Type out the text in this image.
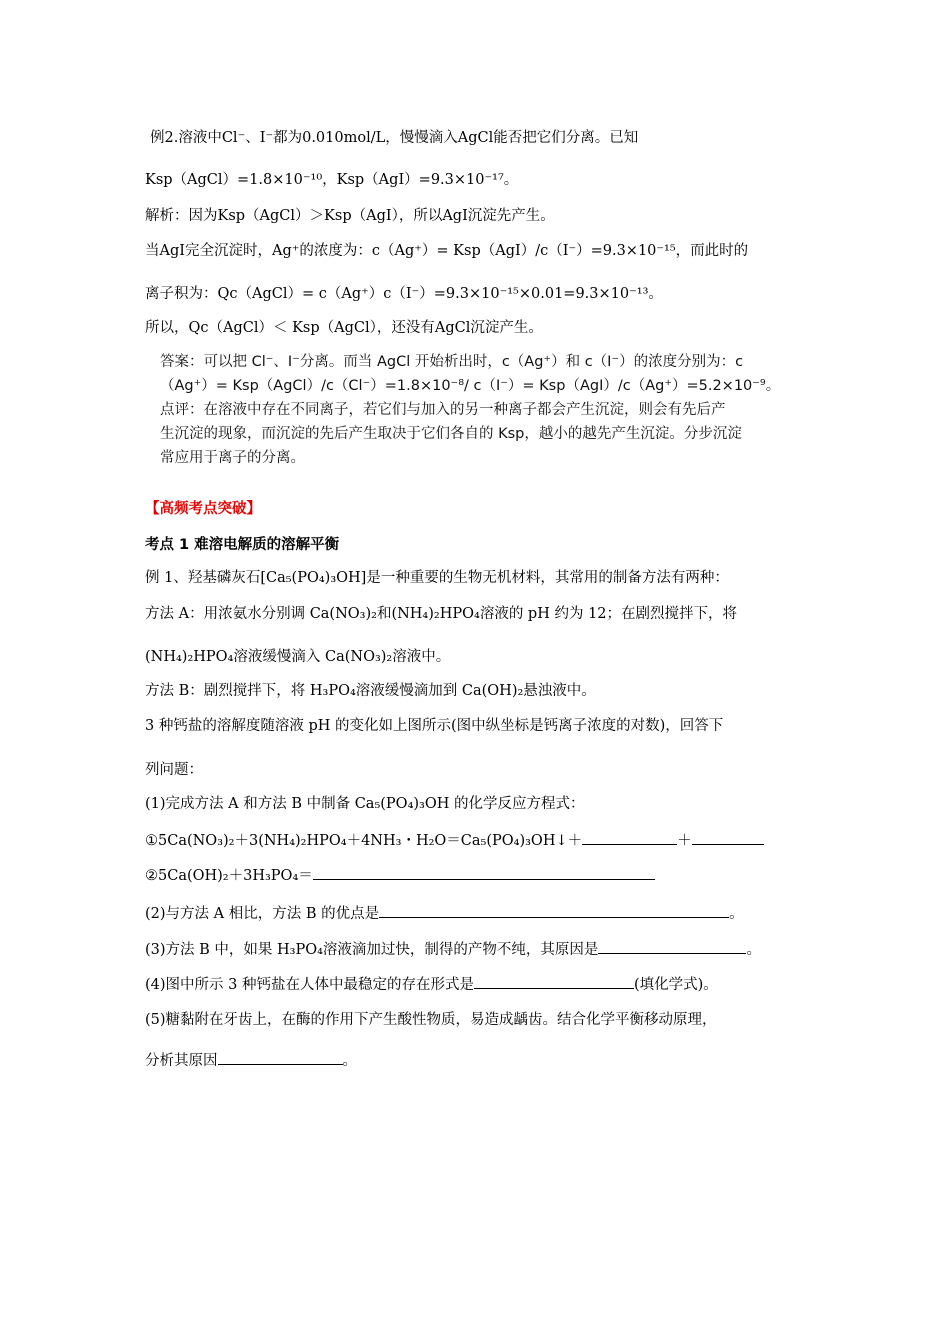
例2.溶液中Cl⁻、I⁻都为0.010mol/L，慢慢滴入AgCl能否把它们分离。已知
Ksp（AgCl）=1.8×10⁻¹⁰，Ksp（AgI）=9.3×10⁻¹⁷。
解析：因为Ksp（AgCl）＞Ksp（AgI），所以AgI沉淀先产生。
当AgI完全沉淀时，Ag⁺的浓度为：c（Ag⁺）= Ksp（AgI）/c（I⁻）=9.3×10⁻¹⁵，而此时的
离子积为：Qc（AgCl）= c（Ag⁺）c（I⁻）=9.3×10⁻¹⁵×0.01=9.3×10⁻¹³。
所以，Qc（AgCl）＜ Ksp（AgCl），还没有AgCl沉淀产生。

答案：可以把 Cl⁻、I⁻分离。而当 AgCl 开始析出时，c（Ag⁺）和 c（I⁻）的浓度分别为：c

（Ag⁺）= Ksp（AgCl）/c（Cl⁻）=1.8×10⁻⁸/ c（I⁻）= Ksp（AgI）/c（Ag⁺）=5.2×10⁻⁹。

点评：在溶液中存在不同离子，若它们与加入的另一种离子都会产生沉淀，则会有先后产

生沉淀的现象，而沉淀的先后产生取决于它们各自的 Ksp，越小的越先产生沉淀。分步沉淀

常应用于离子的分离。

【高频考点突破】
考点 1 难溶电解质的溶解平衡
例 1、羟基磷灰石[Ca₅(PO₄)₃OH]是一种重要的生物无机材料，其常用的制备方法有两种：
方法 A：用浓氨水分别调 Ca(NO₃)₂和(NH₄)₂HPO₄溶液的 pH 约为 12；在剧烈搅拌下，将
(NH₄)₂HPO₄溶液缓慢滴入 Ca(NO₃)₂溶液中。
方法 B：剧烈搅拌下，将 H₃PO₄溶液缓慢滴加到 Ca(OH)₂悬浊液中。
3 种钙盐的溶解度随溶液 pH 的变化如上图所示(图中纵坐标是钙离子浓度的对数)，回答下
列问题：
(1)完成方法 A 和方法 B 中制备 Ca₅(PO₄)₃OH 的化学反应方程式：
①5Ca(NO₃)₂＋3(NH₄)₂HPO₄＋4NH₃・H₂O＝Ca₅(PO₄)₃OH↓＋	＋
②5Ca(OH)₂＋3H₃PO₄＝
(2)与方法 A 相比，方法 B 的优点是	。
(3)方法 B 中，如果 H₃PO₄溶液滴加过快，制得的产物不纯，其原因是	。
(4)图中所示 3 种钙盐在人体中最稳定的存在形式是	(填化学式)。
(5)糖黏附在牙齿上，在酶的作用下产生酸性物质，易造成龋齿。结合化学平衡移动原理，
分析其原因	。
